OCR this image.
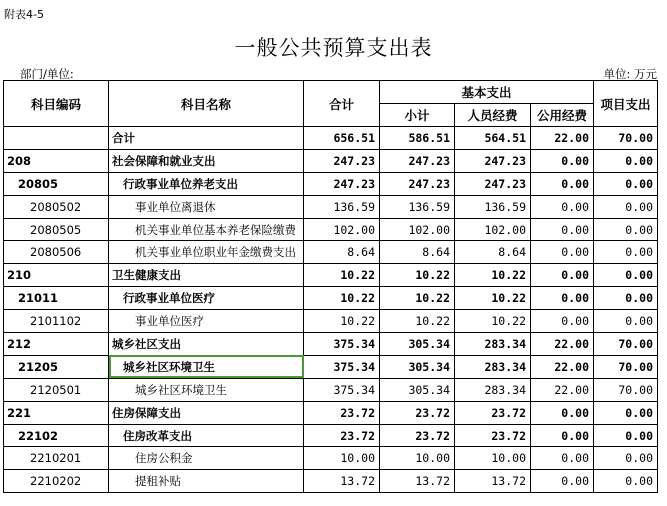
附表4-5
一般公共预算支出表
部门/单位:	单位: 万元
科目编码	科目名称	合计	基本支出			项目支出
			小计	人员经费	公用经费	
	合计	656.51	586.51	564.51	22.00	70.00
208	社会保障和就业支出	247.23	247.23	247.23	0.00	0.00
20805	行政事业单位养老支出	247.23	247.23	247.23	0.00	0.00
2080502	事业单位离退休	136.59	136.59	136.59	0.00	0.00
2080505	机关事业单位基本养老保险缴费	102.00	102.00	102.00	0.00	0.00
2080506	机关事业单位职业年金缴费支出	8.64	8.64	8.64	0.00	0.00
210	卫生健康支出	10.22	10.22	10.22	0.00	0.00
21011	行政事业单位医疗	10.22	10.22	10.22	0.00	0.00
2101102	事业单位医疗	10.22	10.22	10.22	0.00	0.00
212	城乡社区支出	375.34	305.34	283.34	22.00	70.00
21205	城乡社区环境卫生	375.34	305.34	283.34	22.00	70.00
2120501	城乡社区环境卫生	375.34	305.34	283.34	22.00	70.00
221	住房保障支出	23.72	23.72	23.72	0.00	0.00
22102	住房改革支出	23.72	23.72	23.72	0.00	0.00
2210201	住房公积金	10.00	10.00	10.00	0.00	0.00
2210202	提租补贴	13.72	13.72	13.72	0.00	0.00
